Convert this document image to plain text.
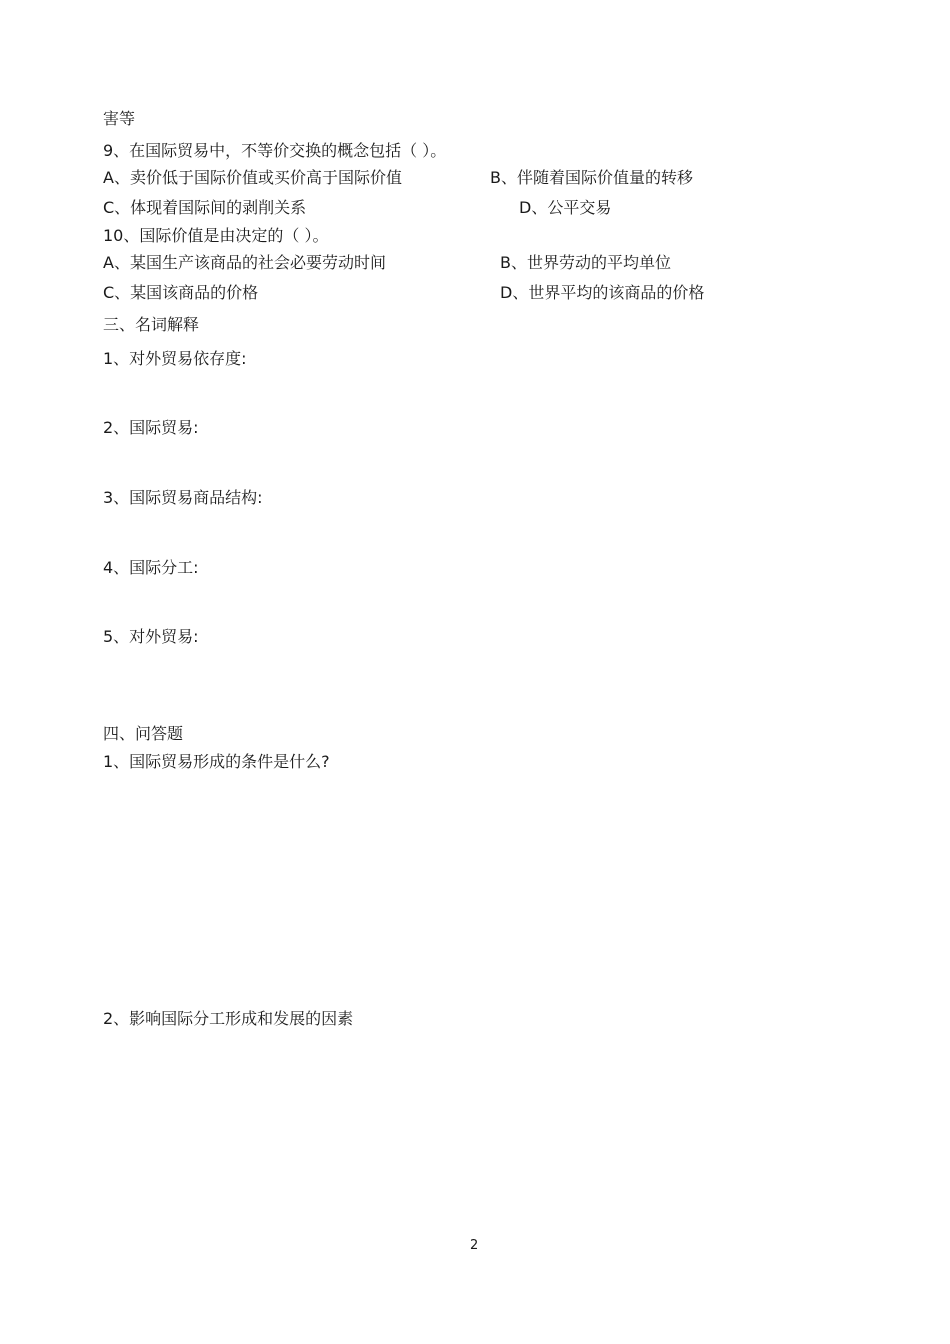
害等
9、在国际贸易中，不等价交换的概念包括（ ）。
A、卖价低于国际价值或买价高于国际价值	B、伴随着国际价值量的转移
C、体现着国际间的剥削关系	D、公平交易
10、国际价值是由决定的（ ）。
A、某国生产该商品的社会必要劳动时间	B、世界劳动的平均单位
C、某国该商品的价格	D、世界平均的该商品的价格
三、名词解释
1、对外贸易依存度:
2、国际贸易:
3、国际贸易商品结构:
4、国际分工:
5、对外贸易:
四、问答题
1、国际贸易形成的条件是什么?
2、影响国际分工形成和发展的因素
2
